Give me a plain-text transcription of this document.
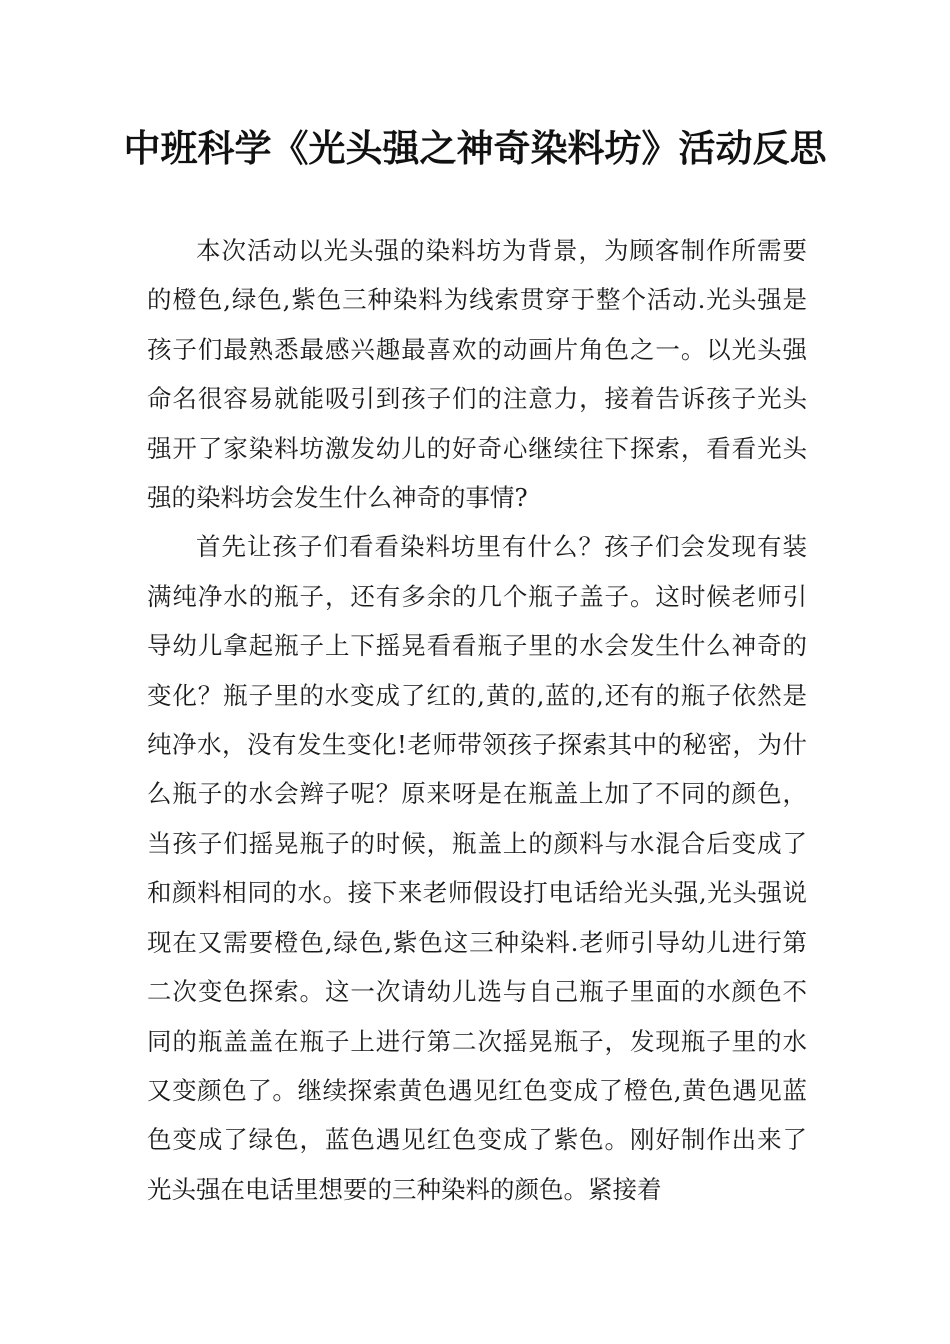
中班科学《光头强之神奇染料坊》活动反思

本次活动以光头强的染料坊为背景，为顾客制作所需要的橙色,绿色,紫色三种染料为线索贯穿于整个活动.光头强是孩子们最熟悉最感兴趣最喜欢的动画片角色之一。以光头强命名很容易就能吸引到孩子们的注意力，接着告诉孩子光头强开了家染料坊激发幼儿的好奇心继续往下探索，看看光头强的染料坊会发生什么神奇的事情?

首先让孩子们看看染料坊里有什么？孩子们会发现有装满纯净水的瓶子，还有多余的几个瓶子盖子。这时候老师引导幼儿拿起瓶子上下摇晃看看瓶子里的水会发生什么神奇的变化？瓶子里的水变成了红的,黄的,蓝的,还有的瓶子依然是纯净水，没有发生变化!老师带领孩子探索其中的秘密，为什么瓶子的水会辫子呢？原来呀是在瓶盖上加了不同的颜色，当孩子们摇晃瓶子的时候，瓶盖上的颜料与水混合后变成了和颜料相同的水。接下来老师假设打电话给光头强,光头强说现在又需要橙色,绿色,紫色这三种染料.老师引导幼儿进行第二次变色探索。这一次请幼儿选与自己瓶子里面的水颜色不同的瓶盖盖在瓶子上进行第二次摇晃瓶子，发现瓶子里的水又变颜色了。继续探索黄色遇见红色变成了橙色,黄色遇见蓝色变成了绿色，蓝色遇见红色变成了紫色。刚好制作出来了光头强在电话里想要的三种染料的颜色。紧接着
